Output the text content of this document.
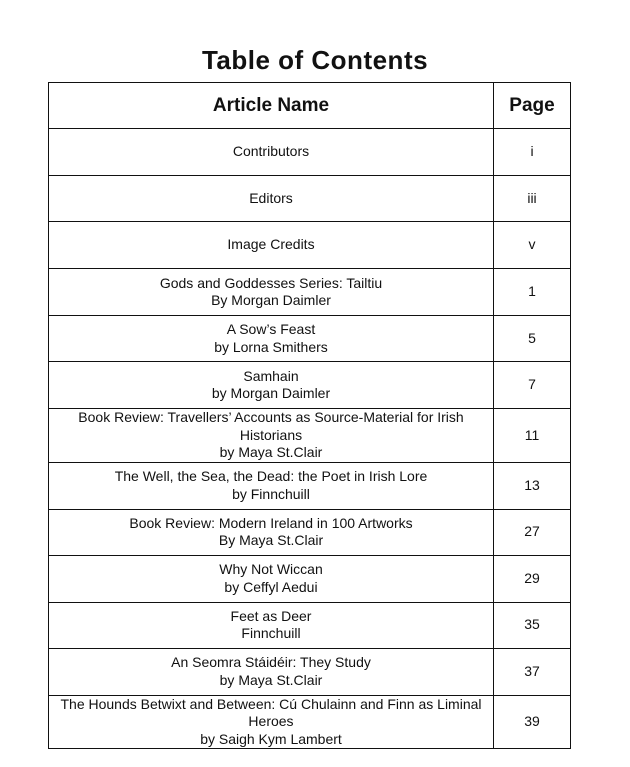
Table of Contents
Article Name	Page

Contributors	i

Editors	iii

Image Credits	v

Gods and Goddesses Series: Tailtiu
By Morgan Daimler	1

A Sow’s Feast
by Lorna Smithers	5

Samhain
by Morgan Daimler	7

Book Review: Travellers’ Accounts as Source-Material for Irish
Historians
by Maya St.Clair	11

The Well, the Sea, the Dead: the Poet in Irish Lore
by Finnchuill	13

Book Review: Modern Ireland in 100 Artworks
By Maya St.Clair	27

Why Not Wiccan
by Ceffyl Aedui	29

Feet as Deer
Finnchuill	35

An Seomra Stáidéir: They Study
by Maya St.Clair	37

The Hounds Betwixt and Between: Cú Chulainn and Finn as Liminal
Heroes
by Saigh Kym Lambert	39
